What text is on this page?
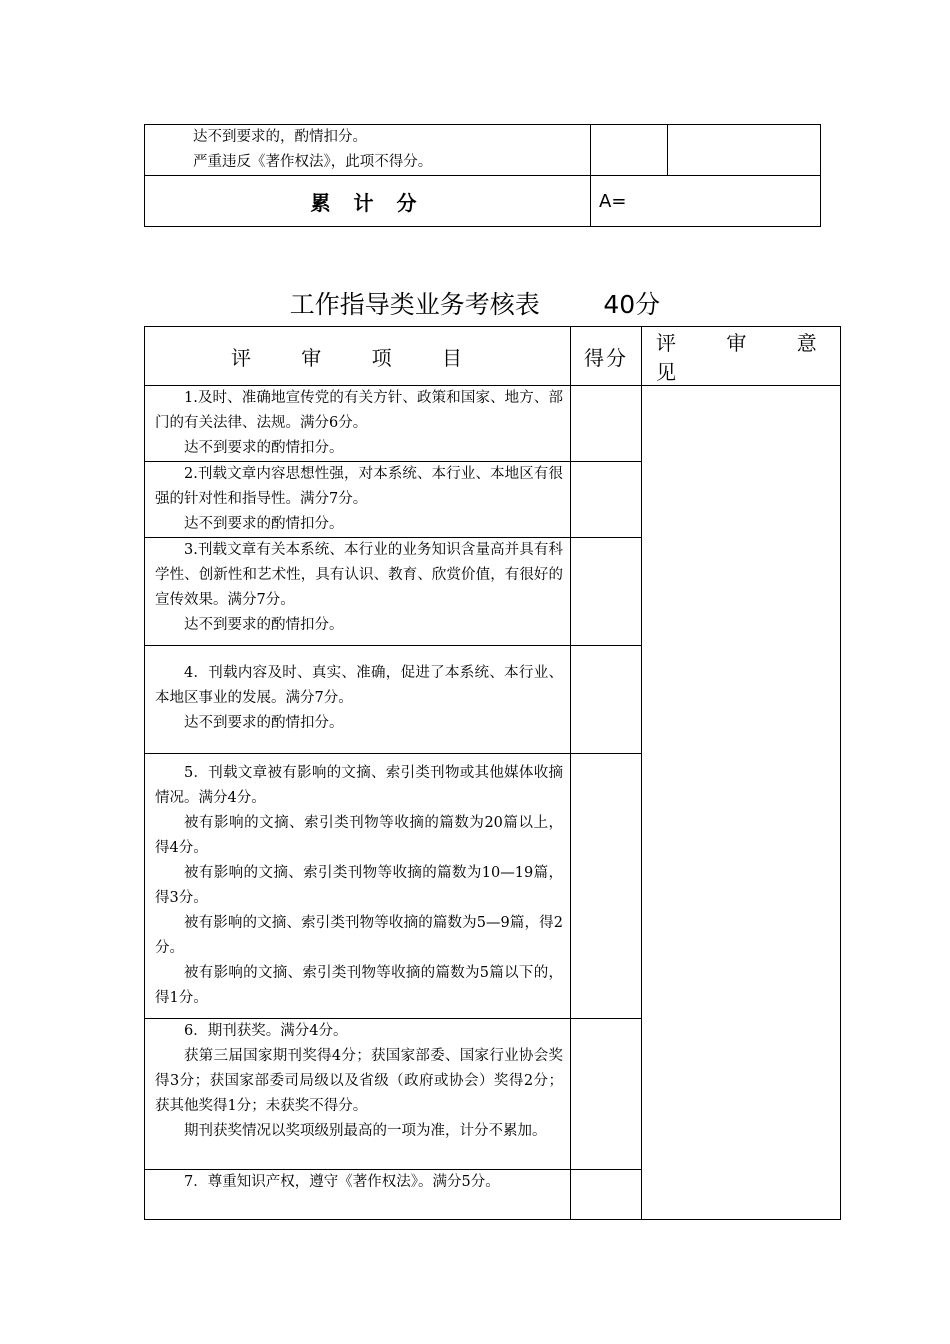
达不到要求的，酌情扣分。

严重违反《著作权法》，此项不得分。		

累 计 分	A=	
工作指导类业务考核表        40分
评 审 项 目	得分	评 审 意 见

1.及时、准确地宣传党的有关方针、政策和国家、地方、部门的有关法律、法规。满分6分。

达不到要求的酌情扣分。		

2.刊载文章内容思想性强，对本系统、本行业、本地区有很强的针对性和指导性。满分7分。

达不到要求的酌情扣分。		

3.刊载文章有关本系统、本行业的业务知识含量高并具有科学性、创新性和艺术性，具有认识、教育、欣赏价值，有很好的宣传效果。满分7分。

达不到要求的酌情扣分。		

4．刊载内容及时、真实、准确，促进了本系统、本行业、本地区事业的发展。满分7分。

达不到要求的酌情扣分。		

5．刊载文章被有影响的文摘、索引类刊物或其他媒体收摘情况。满分4分。

被有影响的文摘、索引类刊物等收摘的篇数为20篇以上，得4分。

被有影响的文摘、索引类刊物等收摘的篇数为10—19篇，得3分。

被有影响的文摘、索引类刊物等收摘的篇数为5—9篇，得2分。

被有影响的文摘、索引类刊物等收摘的篇数为5篇以下的，得1分。		

6．期刊获奖。满分4分。

获第三届国家期刊奖得4分；获国家部委、国家行业协会奖得3分；获国家部委司局级以及省级（政府或协会）奖得2分；获其他奖得1分；未获奖不得分。

期刊获奖情况以奖项级别最高的一项为准，计分不累加。		

7．尊重知识产权，遵守《著作权法》。满分5分。		
